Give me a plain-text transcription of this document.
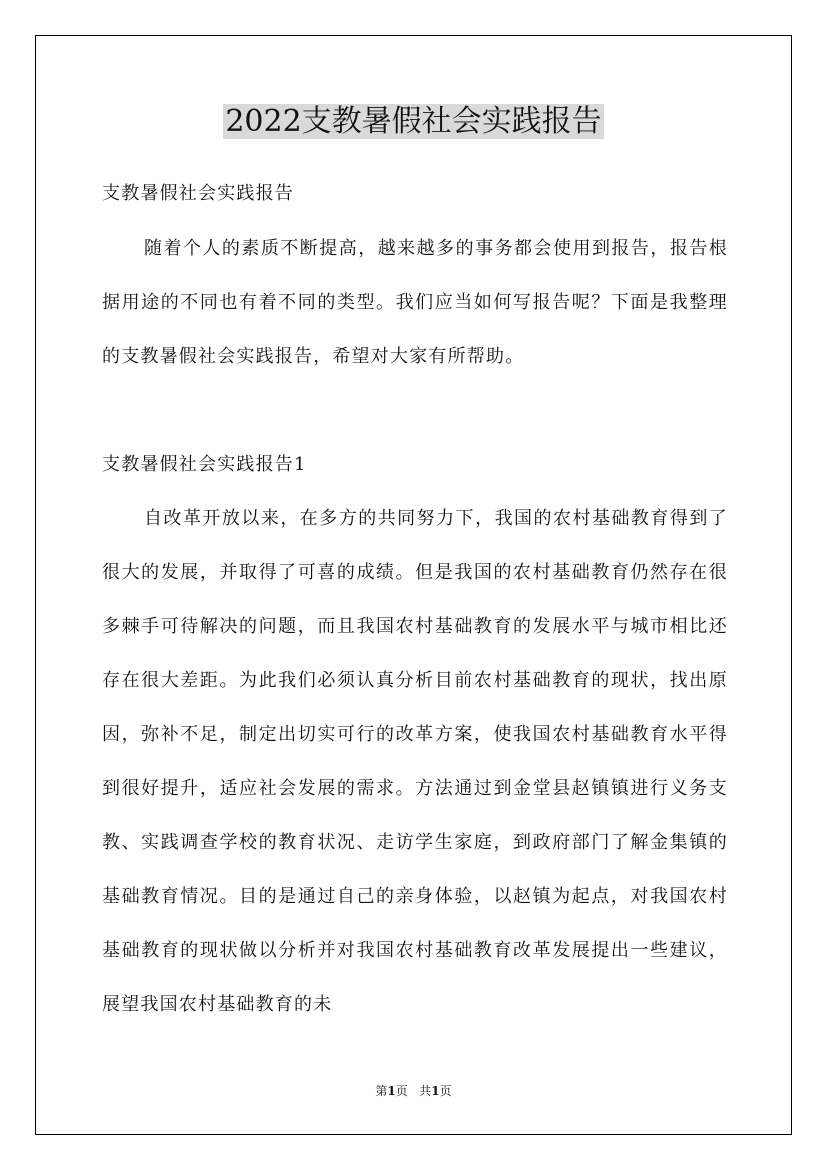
2022支教暑假社会实践报告
支教暑假社会实践报告

随着个人的素质不断提高，越来越多的事务都会使用到报告，报告根据用途的不同也有着不同的类型。我们应当如何写报告呢？下面是我整理的支教暑假社会实践报告，希望对大家有所帮助。

支教暑假社会实践报告1

自改革开放以来，在多方的共同努力下，我国的农村基础教育得到了很大的发展，并取得了可喜的成绩。但是我国的农村基础教育仍然存在很多棘手可待解决的问题，而且我国农村基础教育的发展水平与城市相比还存在很大差距。为此我们必须认真分析目前农村基础教育的现状，找出原因，弥补不足，制定出切实可行的改革方案，使我国农村基础教育水平得到很好提升，适应社会发展的需求。方法通过到金堂县赵镇镇进行义务支教、实践调查学校的教育状况、走访学生家庭，到政府部门了解金集镇的基础教育情况。目的是通过自己的亲身体验，以赵镇为起点，对我国农村基础教育的现状做以分析并对我国农村基础教育改革发展提出一些建议，展望我国农村基础教育的未

第1页 共1页
